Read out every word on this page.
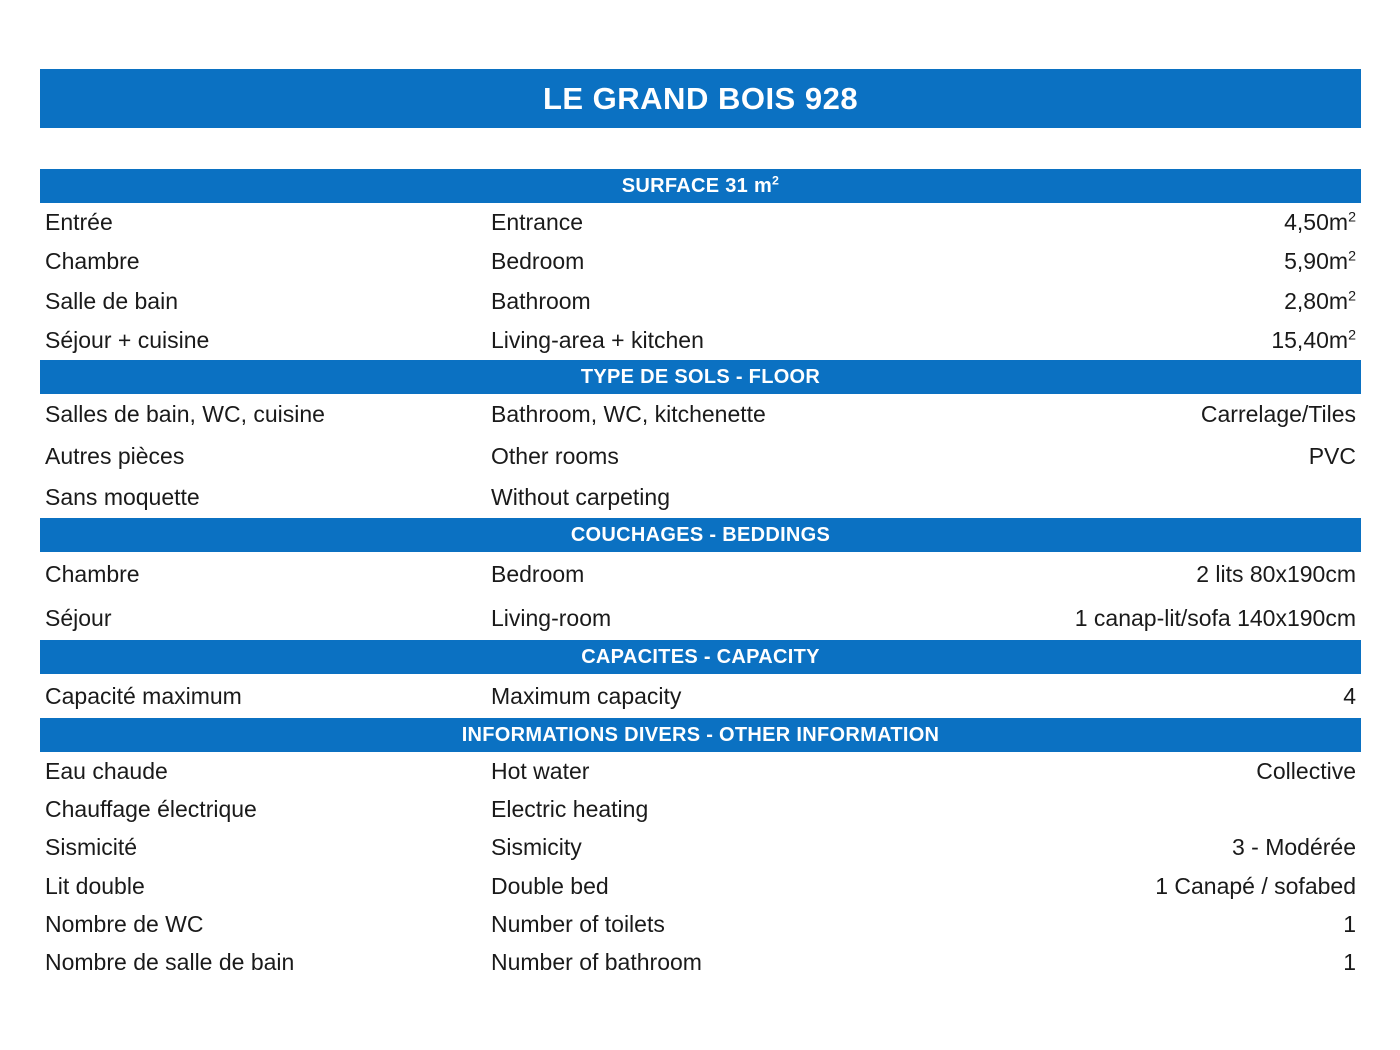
LE GRAND BOIS 928
SURFACE 31 $m^2$
Entrée	Entrance	$4,50m^2$
Chambre	Bedroom	$5,90m^2$
Salle de bain	Bathroom	$2,80m^2$
Séjour + cuisine	Living-area + kitchen	$15,40m^2$
TYPE DE SOLS - FLOOR
Salles de bain, WC, cuisine	Bathroom, WC, kitchenette	Carrelage/Tiles
Autres pièces	Other rooms	PVC
Sans moquette	Without carpeting
COUCHAGES - BEDDINGS
Chambre	Bedroom	2 lits 80x190cm
Séjour	Living-room	1 canap-lit/sofa 140x190cm
CAPACITES - CAPACITY
Capacité maximum	Maximum capacity	4
INFORMATIONS DIVERS - OTHER INFORMATION
Eau chaude	Hot water	Collective
Chauffage électrique	Electric heating
Sismicité	Sismicity	3 - Modérée
Lit double	Double bed	1 Canapé / sofabed
Nombre de WC	Number of toilets	1
Nombre de salle de bain	Number of bathroom	1
